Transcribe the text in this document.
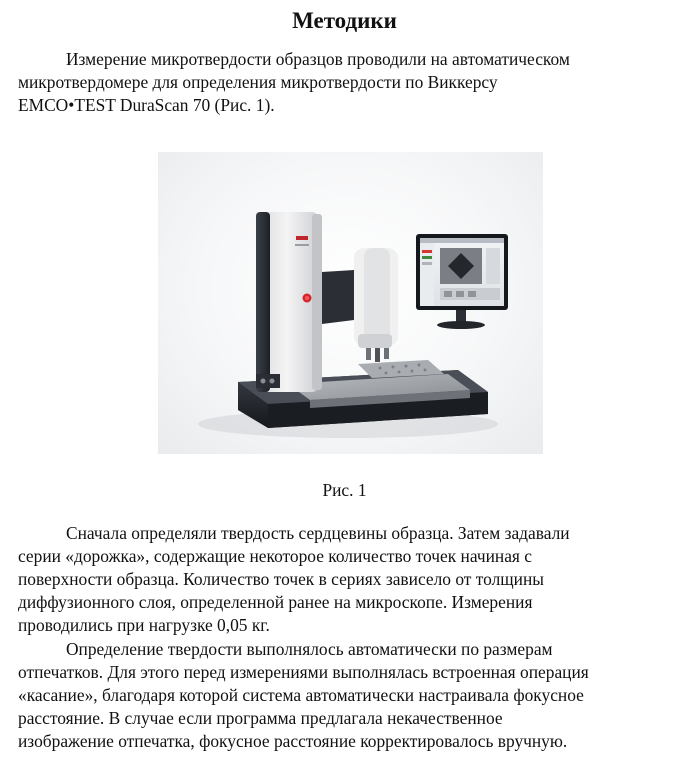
Методики
Измерение микротвердости образцов проводили на автоматическом
микротвердомере для определения микротвердости по Виккерсу
EMCO•TEST DuraScan 70 (Рис. 1).
Рис. 1
Сначала определяли твердость сердцевины образца. Затем задавали
серии «дорожка», содержащие некоторое количество точек начиная с
поверхности образца. Количество точек в сериях зависело от толщины
диффузионного слоя, определенной ранее на микроскопе. Измерения
проводились при нагрузке 0,05 кг.
Определение твердости выполнялось автоматически по размерам
отпечатков. Для этого перед измерениями выполнялась встроенная операция
«касание», благодаря которой система автоматически настраивала фокусное
расстояние. В случае если программа предлагала некачественное
изображение отпечатка, фокусное расстояние корректировалось вручную.
